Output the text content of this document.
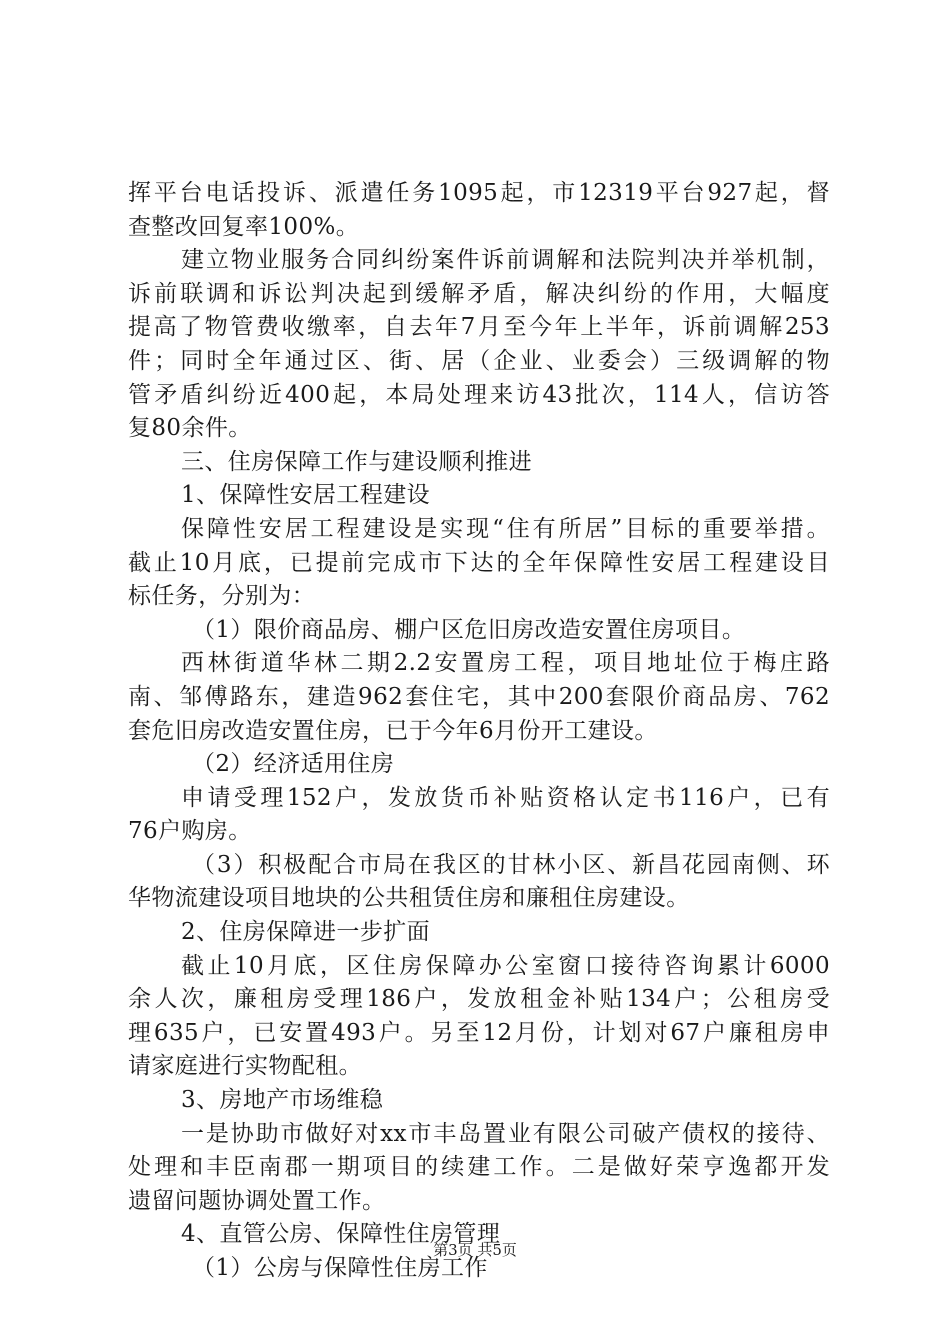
挥平台电话投诉、派遣任务1095起，市12319平台927起，督
查整改回复率100%。
建立物业服务合同纠纷案件诉前调解和法院判决并举机制，
诉前联调和诉讼判决起到缓解矛盾，解决纠纷的作用，大幅度
提高了物管费收缴率，自去年7月至今年上半年，诉前调解253
件；同时全年通过区、街、居（企业、业委会）三级调解的物
管矛盾纠纷近400起，本局处理来访43批次，114人，信访答
复80余件。
三、住房保障工作与建设顺利推进
1、保障性安居工程建设
保障性安居工程建设是实现“住有所居”目标的重要举措。
截止10月底，已提前完成市下达的全年保障性安居工程建设目
标任务，分别为：
（1）限价商品房、棚户区危旧房改造安置住房项目。
西林街道华林二期2.2安置房工程，项目地址位于梅庄路
南、邹傅路东，建造962套住宅，其中200套限价商品房、762
套危旧房改造安置住房，已于今年6月份开工建设。
（2）经济适用住房
申请受理152户，发放货币补贴资格认定书116户，已有
76户购房。
（3）积极配合市局在我区的甘林小区、新昌花园南侧、环
华物流建设项目地块的公共租赁住房和廉租住房建设。
2、住房保障进一步扩面
截止10月底，区住房保障办公室窗口接待咨询累计6000
余人次，廉租房受理186户，发放租金补贴134户；公租房受
理635户，已安置493户。另至12月份，计划对67户廉租房申
请家庭进行实物配租。
3、房地产市场维稳
一是协助市做好对xx市丰岛置业有限公司破产债权的接待、
处理和丰臣南郡一期项目的续建工作。二是做好荣亨逸都开发
遗留问题协调处置工作。
4、直管公房、保障性住房管理
（1）公房与保障性住房工作
第3页 共5页
